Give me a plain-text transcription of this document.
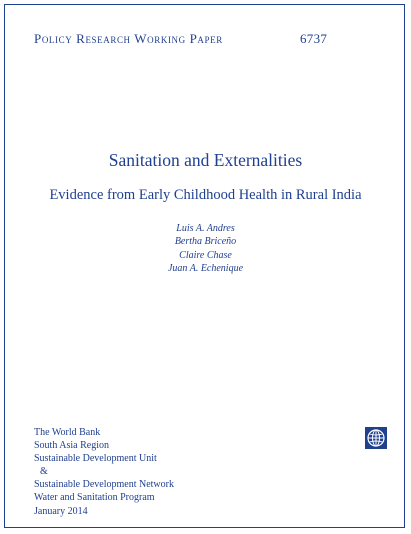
Policy Research Working Paper	6737
Sanitation and Externalities
Evidence from Early Childhood Health in Rural India
Luis A. Andres
Bertha Briceño
Claire Chase
Juan A. Echenique
The World Bank
South Asia Region
Sustainable Development Unit
&
Sustainable Development Network
Water and Sanitation Program
January 2014
